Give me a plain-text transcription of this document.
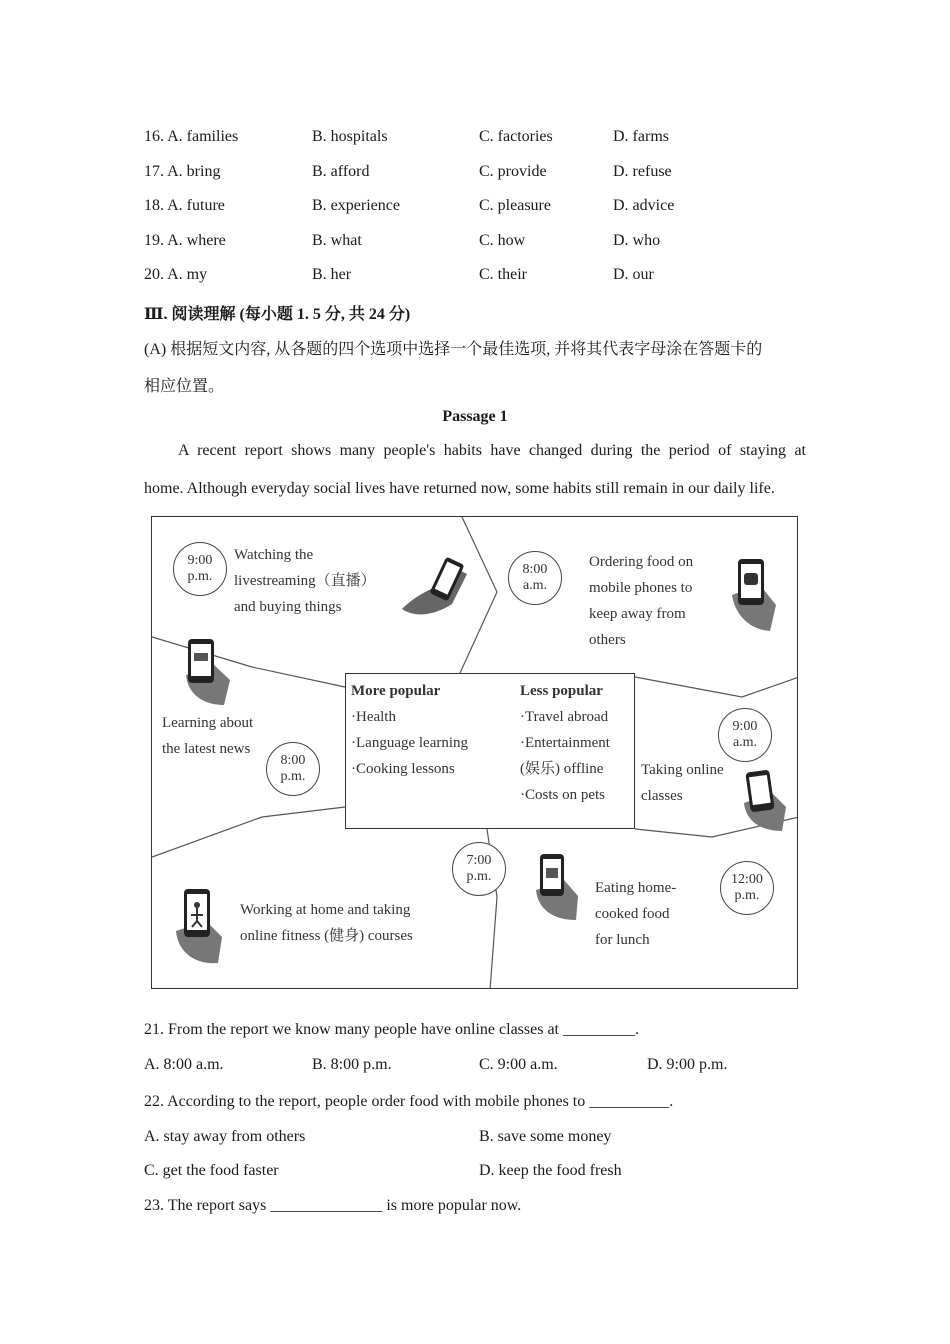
16. A. families	B. hospitals	C. factories	D. farms
17. A. bring	B. afford	C. provide	D. refuse
18. A. future	B. experience	C. pleasure	D. advice
19. A. where	B. what	C. how	D. who
20. A. my	B. her	C. their	D. our
Ⅲ. 阅读理解 (每小题 1. 5 分, 共 24 分)
(A) 根据短文内容, 从各题的四个选项中选择一个最佳选项, 并将其代表字母涂在答题卡的
相应位置。
Passage 1
A recent report shows many people's habits have changed during the period of staying at
home. Although everyday social lives have returned now, some habits still remain in our daily life.
9:00
p.m.
Watching the
livestreaming（直播）
and buying things
8:00
a.m.
Ordering food on
mobile phones to
keep away from
others
Learning about
the latest news
8:00
p.m.
More popular
·Health
·Language learning
·Cooking lessons
Less popular
·Travel abroad
·Entertainment
(娱乐) offline
·Costs on pets
9:00
a.m.
Taking online
classes
7:00
p.m.
Working at home and taking
online fitness (健身) courses
12:00
p.m.
Eating home-
cooked food
for lunch
21. From the report we know many people have online classes at _________.
A. 8:00 a.m.	B. 8:00 p.m.	C. 9:00 a.m.	D. 9:00 p.m.
22. According to the report, people order food with mobile phones to __________.
A. stay away from others	B. save some money
C. get the food faster	D. keep the food fresh
23. The report says ______________ is more popular now.
